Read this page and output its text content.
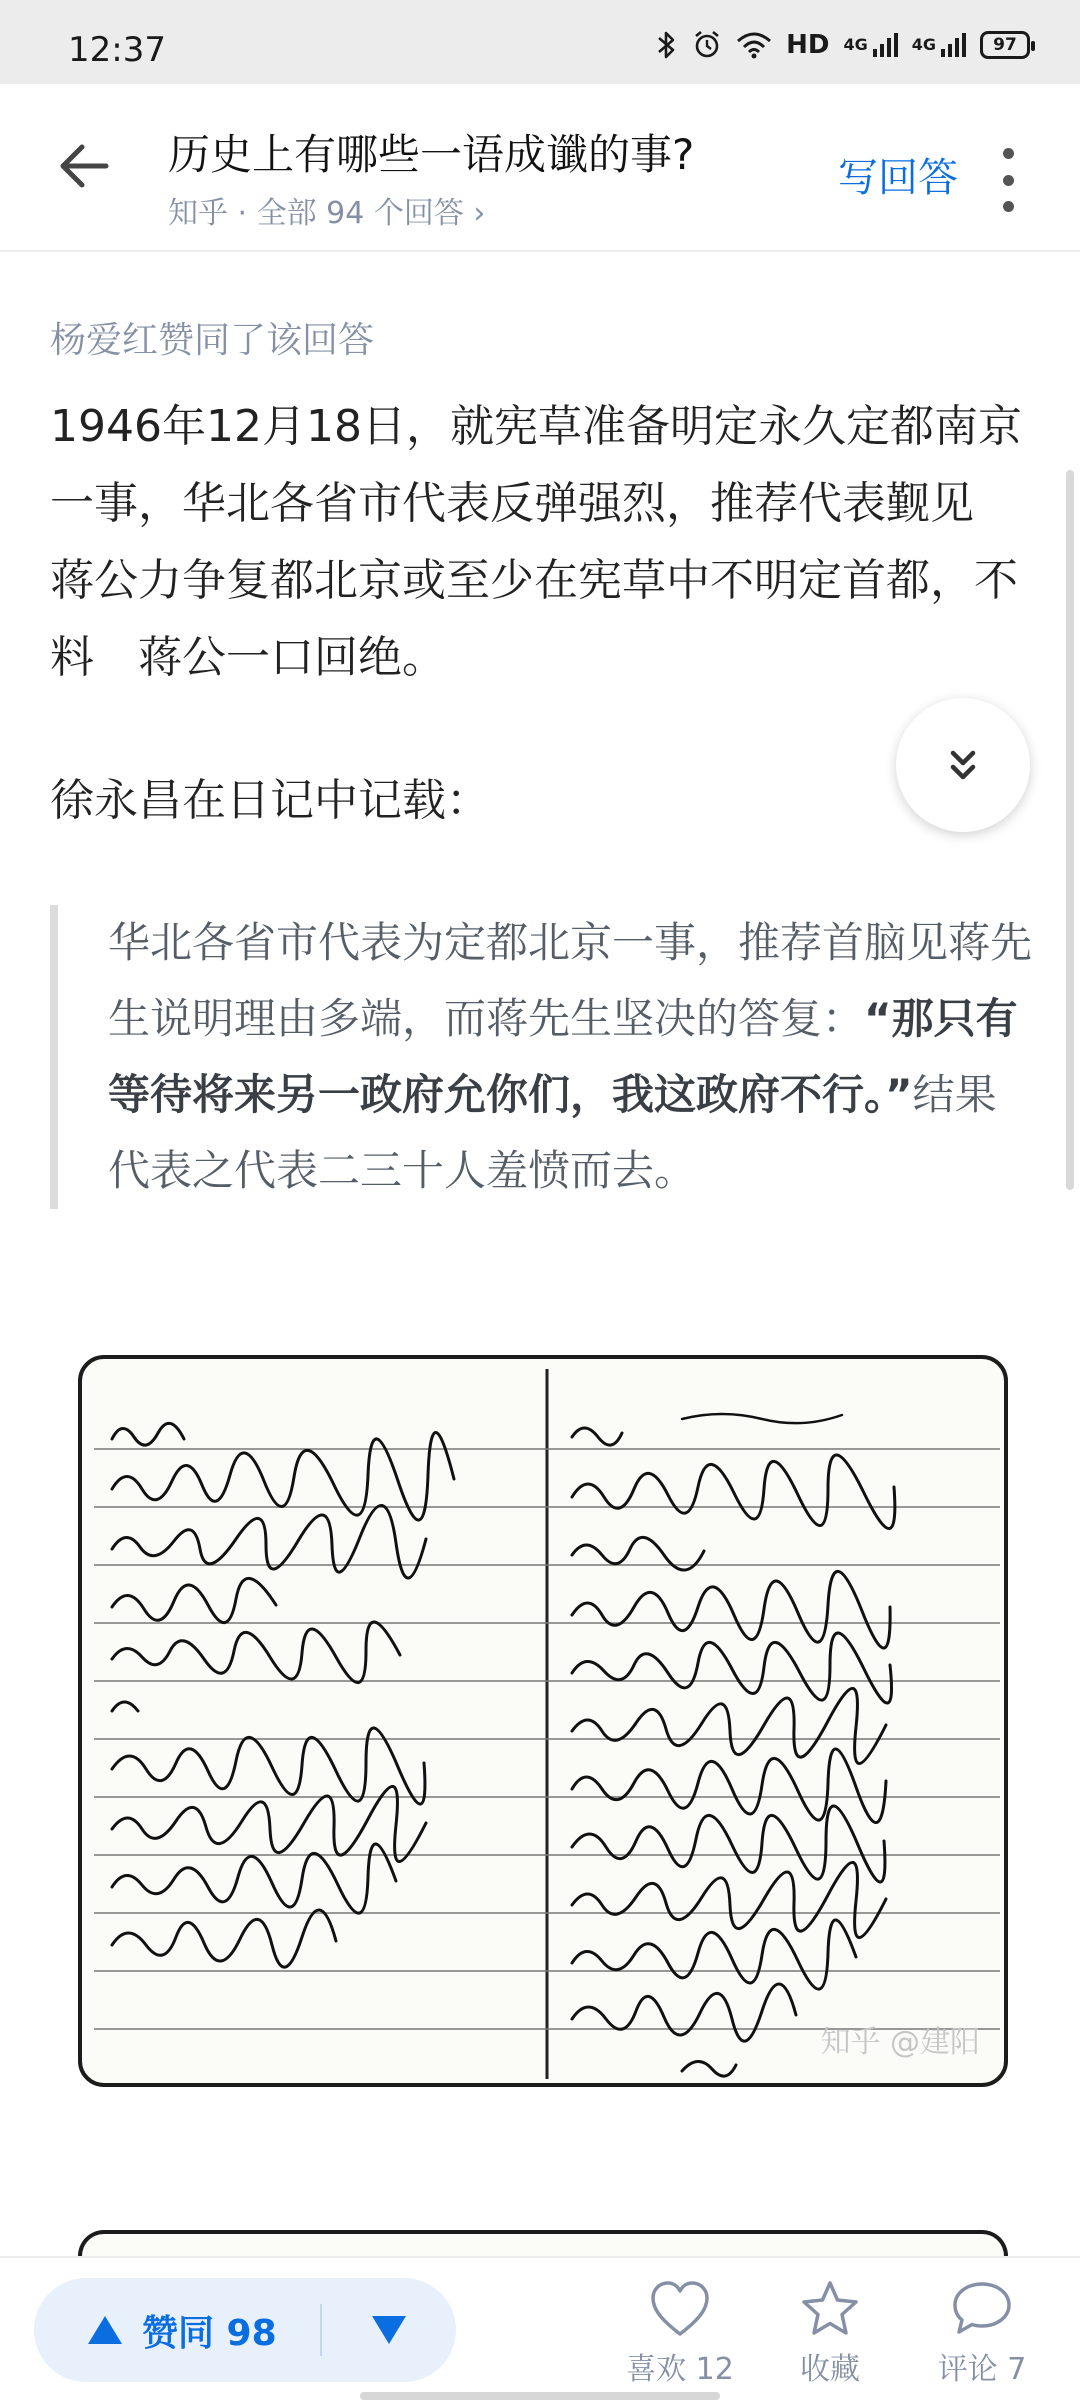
12:37	HD 4G	4G	97
历史上有哪些一语成谶的事?
知乎 · 全部 94 个回答 ›
写回答
杨爱红赞同了该回答
1946年12月18日，就宪草准备明定永久定都南京一事，华北各省市代表反弹强烈，推荐代表觐见　蒋公力争复都北京或至少在宪草中不明定首都，不料　蒋公一口回绝。
徐永昌在日记中记载：
华北各省市代表为定都北京一事，推荐首脑见蒋先生说明理由多端，而蒋先生坚决的答复：“那只有等待将来另一政府允你们，我这政府不行。”结果代表之代表二三十人羞愤而去。
知乎 @建阳
赞同 98
喜欢 12 收藏	评论 7
